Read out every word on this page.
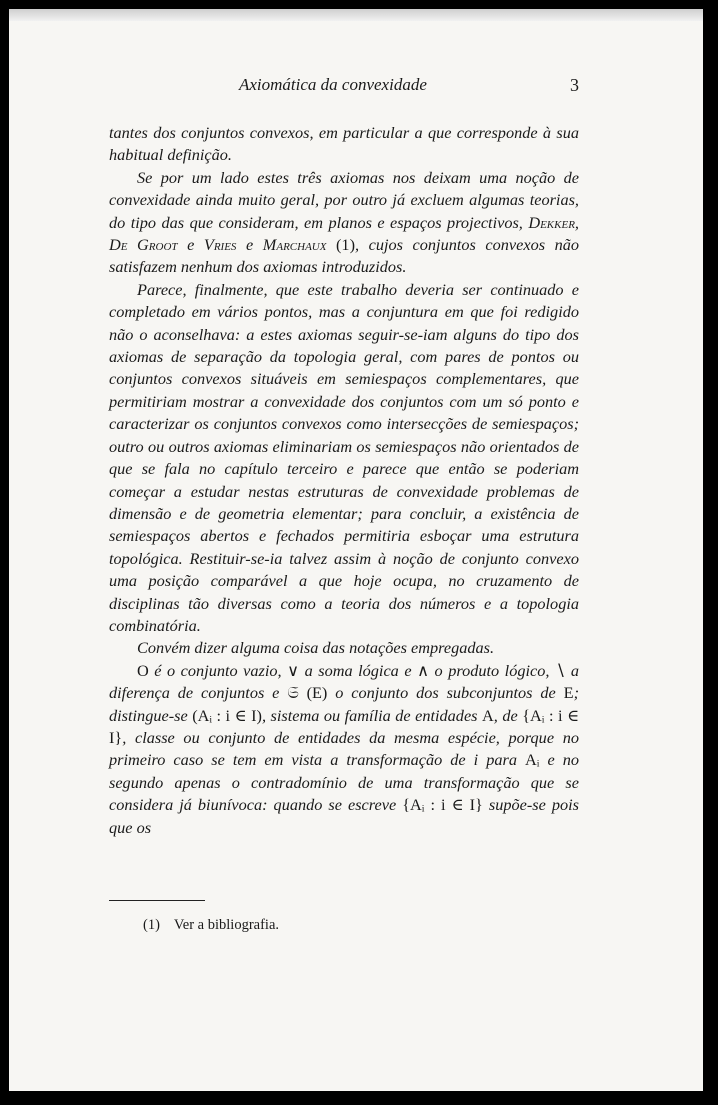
Axiomática da convexidade	3

tantes dos conjuntos convexos, em particular a que corresponde à sua habitual definição.

Se por um lado estes três axiomas nos deixam uma noção de convexidade ainda muito geral, por outro já excluem algumas teorias, do tipo das que consideram, em planos e espaços projectivos, Dekker, De Groot e Vries e Marchaux (1), cujos conjuntos convexos não satisfazem nenhum dos axiomas introduzidos.

Parece, finalmente, que este trabalho deveria ser continuado e completado em vários pontos, mas a conjuntura em que foi redigido não o aconselhava: a estes axiomas seguir-se-iam alguns do tipo dos axiomas de separação da topologia geral, com pares de pontos ou conjuntos convexos situáveis em semiespaços complementares, que permitiriam mostrar a convexidade dos conjuntos com um só ponto e caracterizar os conjuntos convexos como intersecções de semiespaços; outro ou outros axiomas eliminariam os semiespaços não orientados de que se fala no capítulo terceiro e parece que então se poderiam começar a estudar nestas estruturas de convexidade problemas de dimensão e de geometria elementar; para concluir, a existência de semiespaços abertos e fechados permitiria esboçar uma estrutura topológica. Restituir-se-ia talvez assim à noção de conjunto convexo uma posição comparável a que hoje ocupa, no cruzamento de disciplinas tão diversas como a teoria dos números e a topologia combinatória.

Convém dizer alguma coisa das notações empregadas.

O é o conjunto vazio, ∨ a soma lógica e ∧ o produto lógico, ∖ a diferença de conjuntos e 𝔖 (E) o conjunto dos subconjuntos de E; distingue-se (Aᵢ : i ∈ I), sistema ou família de entidades A, de {Aᵢ : i ∈ I}, classe ou conjunto de entidades da mesma espécie, porque no primeiro caso se tem em vista a transformação de i para Aᵢ e no segundo apenas o contradomínio de uma transformação que se considera já biunívoca: quando se escreve {Aᵢ : i ∈ I} supõe-se pois que os

(1) Ver a bibliografia.
